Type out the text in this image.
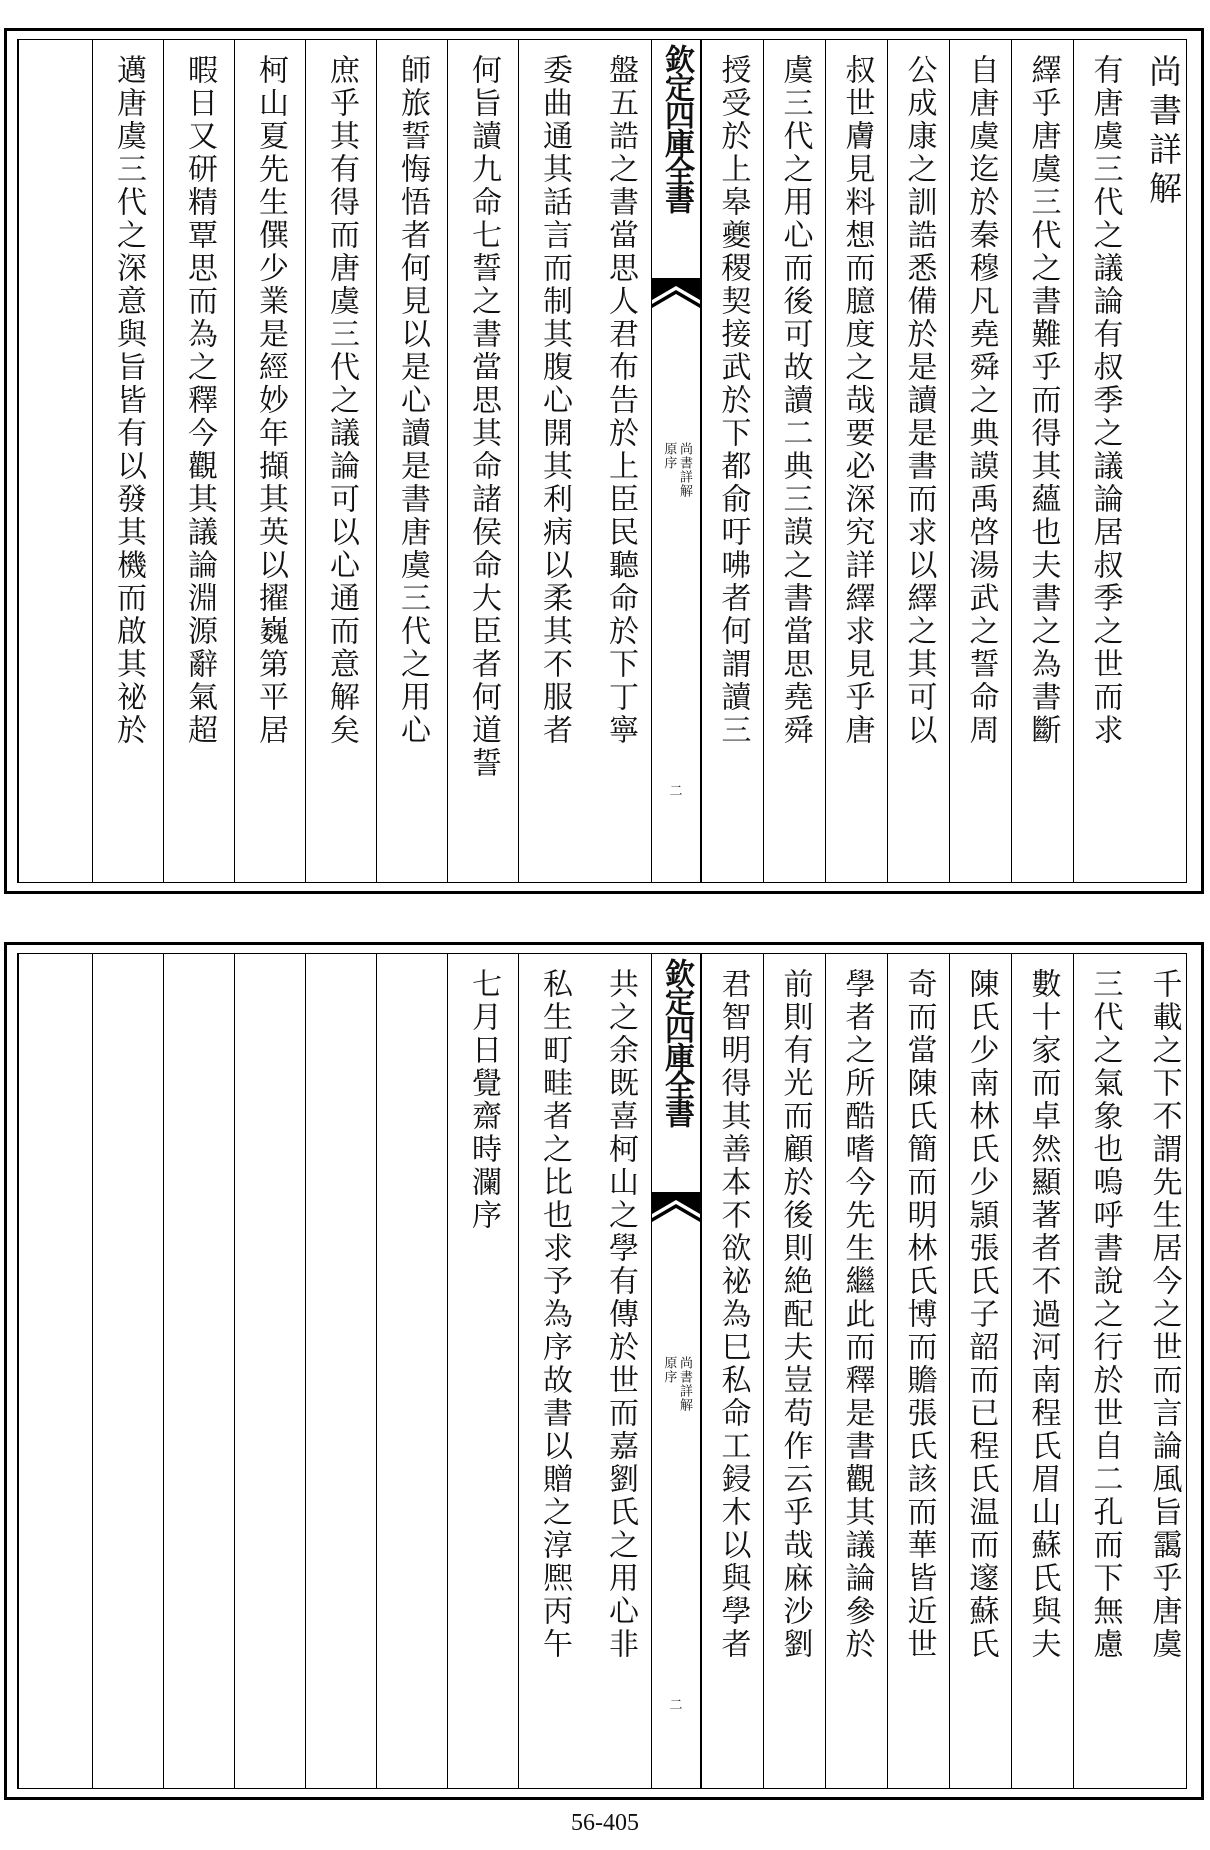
尚書詳解
有唐虞三代之議論有叔季之議論居叔季之世而求
繹乎唐虞三代之書難乎而得其蘊也夫書之為書斷
自唐虞迄於秦穆凡堯舜之典謨禹啓湯武之誓命周
公成康之訓誥悉備於是讀是書而求以繹之其可以
叔世膚見料想而臆度之哉要必深究詳繹求見乎唐
虞三代之用心而後可故讀二典三謨之書當思堯舜
授受於上皋夔稷契接武於下都俞吁咈者何謂讀三
欽定四庫全書
尚書詳解
原序
二
盤五誥之書當思人君布告於上臣民聽命於下丁寧
委曲通其話言而制其腹心開其利病以柔其不服者
何旨讀九命七誓之書當思其命諸侯命大臣者何道誓
師旅誓悔悟者何見以是心讀是書唐虞三代之用心
庶乎其有得而唐虞三代之議論可以心通而意解矣
柯山夏先生僎少業是經妙年擷其英以擢巍第平居
暇日又研精覃思而為之釋今觀其議論淵源辭氣超
邁唐虞三代之深意與旨皆有以發其機而啟其祕於
千載之下不謂先生居今之世而言論風旨靄乎唐虞
三代之氣象也嗚呼書說之行於世自二孔而下無慮
數十家而卓然顯著者不過河南程氏眉山蘇氏與夫
陳氏少南林氏少頴張氏子韶而已程氏温而邃蘇氏
奇而當陳氏簡而明林氏博而贍張氏該而華皆近世
學者之所酷嗜今先生繼此而釋是書觀其議論參於
前則有光而顧於後則絶配夫豈苟作云乎哉麻沙劉
君智明得其善本不欲祕為巳私命工鋟木以與學者
欽定四庫全書
尚書詳解
原序
二
共之余既喜柯山之學有傳於世而嘉劉氏之用心非
私生町畦者之比也求予為序故書以贈之淳熈丙午
七月日覺齋時瀾序
56-405
